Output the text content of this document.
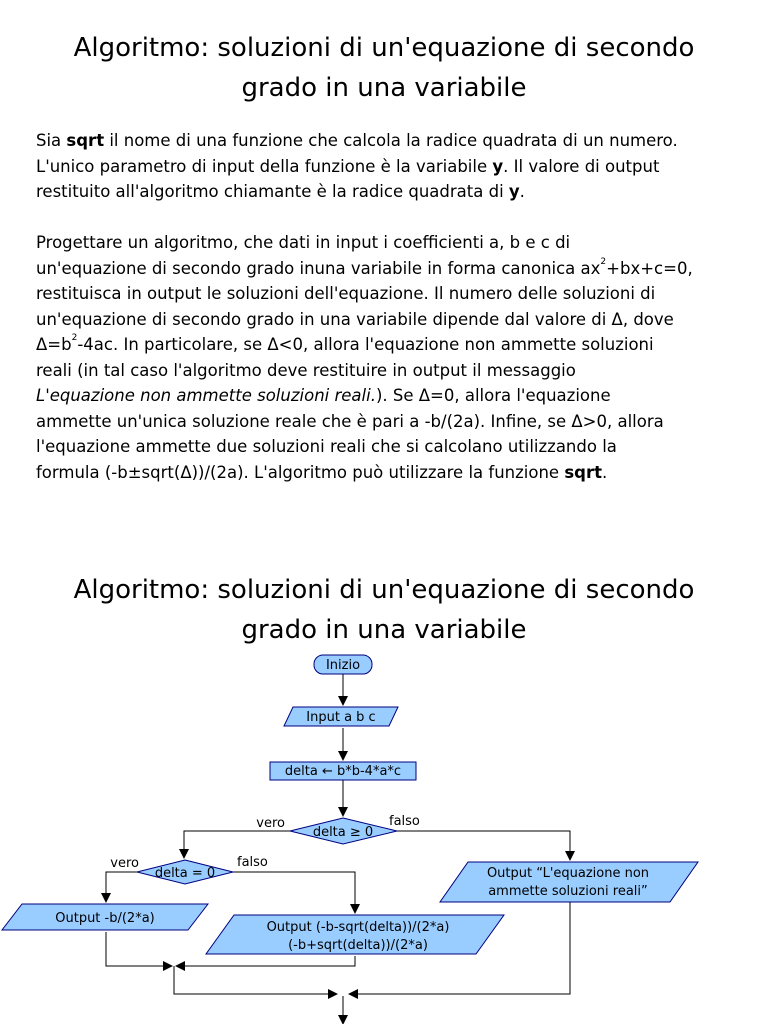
Algoritmo: soluzioni di un'equazione di secondo
grado in una variabile
Sia sqrt il nome di una funzione che calcola la radice quadrata di un numero.
L'unico parametro di input della funzione è la variabile y. Il valore di output
restituito all'algoritmo chiamante è la radice quadrata di y.
Progettare un algoritmo, che dati in input i coefficienti a, b e c di
un'equazione di secondo grado inuna variabile in forma canonica $ax^2+bx+c=0$,
restituisca in output le soluzioni dell'equazione. Il numero delle soluzioni di
un'equazione di secondo grado in una variabile dipende dal valore di Δ, dove
$\Delta=b^2-4ac$. In particolare, se Δ<0, allora l'equazione non ammette soluzioni
reali (in tal caso l'algoritmo deve restituire in output il messaggio
L'equazione non ammette soluzioni reali.). Se Δ=0, allora l'equazione
ammette un'unica soluzione reale che è pari a -b/(2a). Infine, se Δ>0, allora
l'equazione ammette due soluzioni reali che si calcolano utilizzando la
formula (-b±sqrt(Δ))/(2a). L'algoritmo può utilizzare la funzione sqrt.
Algoritmo: soluzioni di un'equazione di secondo
grado in una variabile
Inizio
Input a b c
delta ← b*b-4*a*c
delta ≥ 0
vero	falso
delta = 0
vero	falso
Output -b/(2*a)
Output (-b-sqrt(delta))/(2*a)
(-b+sqrt(delta))/(2*a)
Output “L'equazione non
ammette soluzioni reali”
